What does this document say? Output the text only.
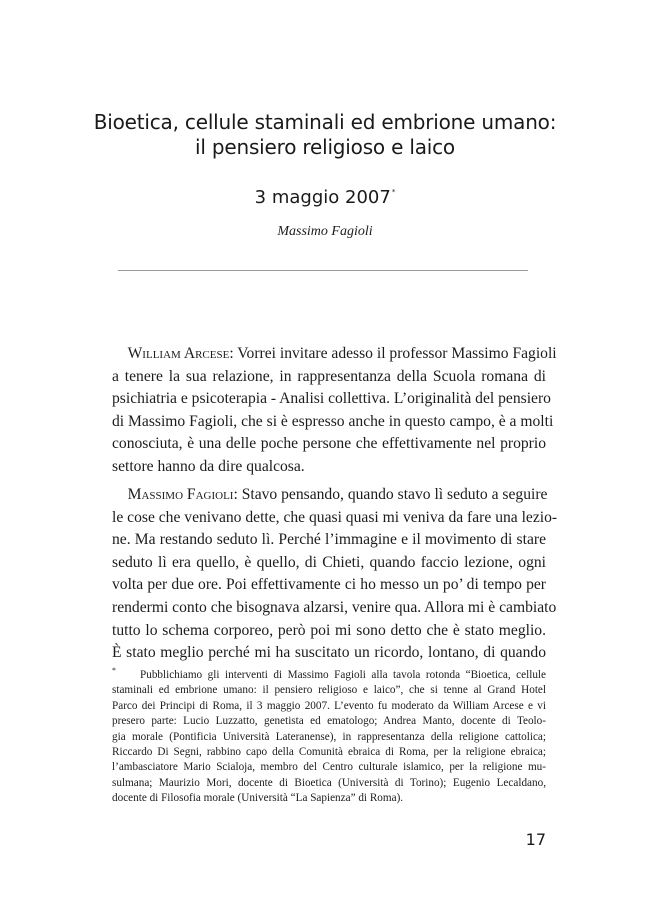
Bioetica, cellule staminali ed embrione umano:
il pensiero religioso e laico
3 maggio 2007*
Massimo Fagioli
 William Arcese: Vorrei invitare adesso il professor Massimo Fagioli
a tenere la sua relazione, in rappresentanza della Scuola romana di
psichiatria e psicoterapia - Analisi collettiva. L’originalità del pensiero
di Massimo Fagioli, che si è espresso anche in questo campo, è a molti
conosciuta, è una delle poche persone che effettivamente nel proprio
settore hanno da dire qualcosa.
 Massimo Fagioli: Stavo pensando, quando stavo lì seduto a seguire
le cose che venivano dette, che quasi quasi mi veniva da fare una lezio-
ne. Ma restando seduto lì. Perché l’immagine e il movimento di stare
seduto lì era quello, è quello, di Chieti, quando faccio lezione, ogni
volta per due ore. Poi effettivamente ci ho messo un po’ di tempo per
rendermi conto che bisognava alzarsi, venire qua. Allora mi è cambiato
tutto lo schema corporeo, però poi mi sono detto che è stato meglio.
È stato meglio perché mi ha suscitato un ricordo, lontano, di quando
* Pubblichiamo gli interventi di Massimo Fagioli alla tavola rotonda “Bioetica, cellule
staminali ed embrione umano: il pensiero religioso e laico”, che si tenne al Grand Hotel
Parco dei Principi di Roma, il 3 maggio 2007. L’evento fu moderato da William Arcese e vi
presero parte: Lucio Luzzatto, genetista ed ematologo; Andrea Manto, docente di Teolo-
gia morale (Pontificia Università Lateranense), in rappresentanza della religione cattolica;
Riccardo Di Segni, rabbino capo della Comunità ebraica di Roma, per la religione ebraica;
l’ambasciatore Mario Scialoja, membro del Centro culturale islamico, per la religione mu-
sulmana; Maurizio Mori, docente di Bioetica (Università di Torino); Eugenio Lecaldano,
docente di Filosofia morale (Università “La Sapienza” di Roma).
17
